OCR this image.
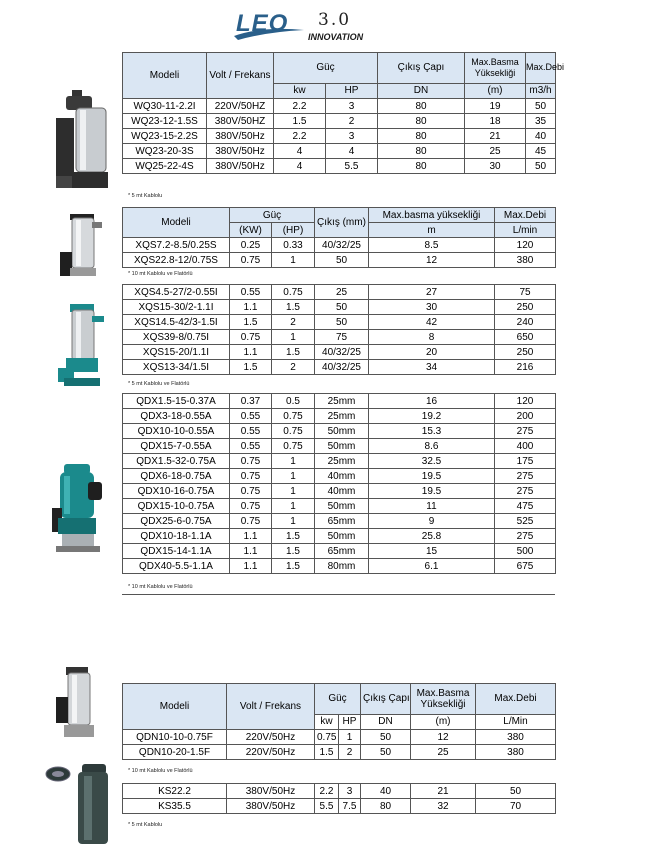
LEO 3.0
INNOVATION
Modeli	Volt / Frekans	Güç		Çıkış Çapı	Max.Basma Yüksekliği	Max.Debi
		kw	HP	DN	(m)	m3/h
WQ30-11-2.2I	220V/50HZ	2.2	3	80	19	50
WQ23-12-1.5S	380V/50HZ	1.5	2	80	18	35
WQ23-15-2.2S	380V/50Hz	2.2	3	80	21	40
WQ23-20-3S	380V/50Hz	4	4	80	25	45
WQ25-22-4S	380V/50Hz	4	5.5	80	30	50
* 5 mt Kablolu
Modeli	Güç		Çıkış (mm)	Max.basma yüksekliği	Max.Debi
	(KW)	(HP)		m	L/min
XQS7.2-8.5/0.25S	0.25	0.33	40/32/25	8.5	120
XQS22.8-12/0.75S	0.75	1	50	12	380
* 10 mt Kablolu ve Flatörlü
XQS4.5-27/2-0.55I	0.55	0.75	25	27	75
XQS15-30/2-1.1I	1.1	1.5	50	30	250
XQS14.5-42/3-1.5I	1.5	2	50	42	240
XQS39-8/0.75I	0.75	1	75	8	650
XQS15-20/1.1I	1.1	1.5	40/32/25	20	250
XQS13-34/1.5I	1.5	2	40/32/25	34	216
* 5 mt Kablolu ve Flatörlü
QDX1.5-15-0.37A	0.37	0.5	25mm	16	120
QDX3-18-0.55A	0.55	0.75	25mm	19.2	200
QDX10-10-0.55A	0.55	0.75	50mm	15.3	275
QDX15-7-0.55A	0.55	0.75	50mm	8.6	400
QDX1.5-32-0.75A	0.75	1	25mm	32.5	175
QDX6-18-0.75A	0.75	1	40mm	19.5	275
QDX10-16-0.75A	0.75	1	40mm	19.5	275
QDX15-10-0.75A	0.75	1	50mm	11	475
QDX25-6-0.75A	0.75	1	65mm	9	525
QDX10-18-1.1A	1.1	1.5	50mm	25.8	275
QDX15-14-1.1A	1.1	1.5	65mm	15	500
QDX40-5.5-1.1A	1.1	1.5	80mm	6.1	675
* 10 mt Kablolu ve Flatörlü
Modeli	Volt / Frekans	Güç		Çıkış Çapı	Max.Basma Yüksekliği	Max.Debi
		kw	HP	DN	(m)	L/Min
QDN10-10-0.75F	220V/50Hz	0.75	1	50	12	380
QDN10-20-1.5F	220V/50Hz	1.5	2	50	25	380
* 10 mt Kablolu ve Flatörlü
KS22.2	380V/50Hz	2.2	3	40	21	50
KS35.5	380V/50Hz	5.5	7.5	80	32	70
* 5 mt Kablolu
